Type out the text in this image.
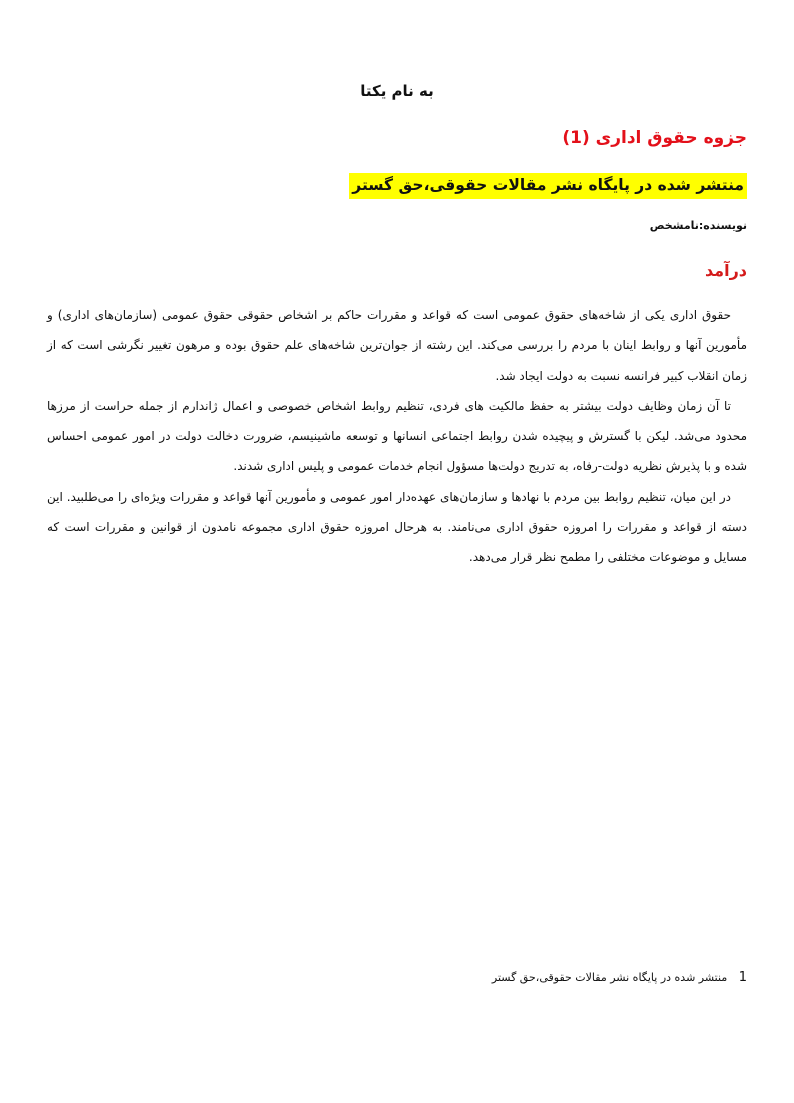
به نام یکتا
جزوه حقوق اداری (1)
منتشر شده در پایگاه نشر مقالات حقوقی،حق گستر
نویسنده:نامشخص
درآمد

حقوق اداری یکی از شاخه‌های حقوق عمومی است که قواعد و مقررات حاکم بر اشخاص حقوقی حقوق عمومی (سازمان‌های اداری) و مأمورین آنها و روابط اینان با مردم را بررسی می‌کند. این رشته از جوان‌ترین شاخه‌های علم حقوق بوده و مرهون تغییر نگرشی است که از زمان انقلاب کبیر فرانسه نسبت به دولت ایجاد شد.

تا آن زمان وظایف دولت بیشتر به حفظ مالکیت های فردی، تنظیم روابط اشخاص خصوصی و اعمال ژاندارم از جمله حراست از مرزها محدود می‌شد. لیکن با گسترش و پیچیده شدن روابط اجتماعی انسانها و توسعه ماشینیسم، ضرورت دخالت دولت در امور عمومی احساس شده و با پذیرش نظریه دولت-رفاه، به تدریج دولت‌ها مسؤول انجام خدمات عمومی و پلیس اداری شدند.

در این میان، تنظیم روابط بین مردم با نهادها و سازمان‌های عهده‌دار امور عمومی و مأمورین آنها قواعد و مقررات ویژه‌ای را می‌طلبید. این دسته از قواعد و مقررات را امروزه حقوق اداری می‌نامند. به هرحال امروزه حقوق اداری مجموعه نامدون از قوانین و مقررات است که مسایل و موضوعات مختلفی را مطمح نظر قرار می‌دهد.

1 منتشر شده در پایگاه نشر مقالات حقوقی،حق گستر
